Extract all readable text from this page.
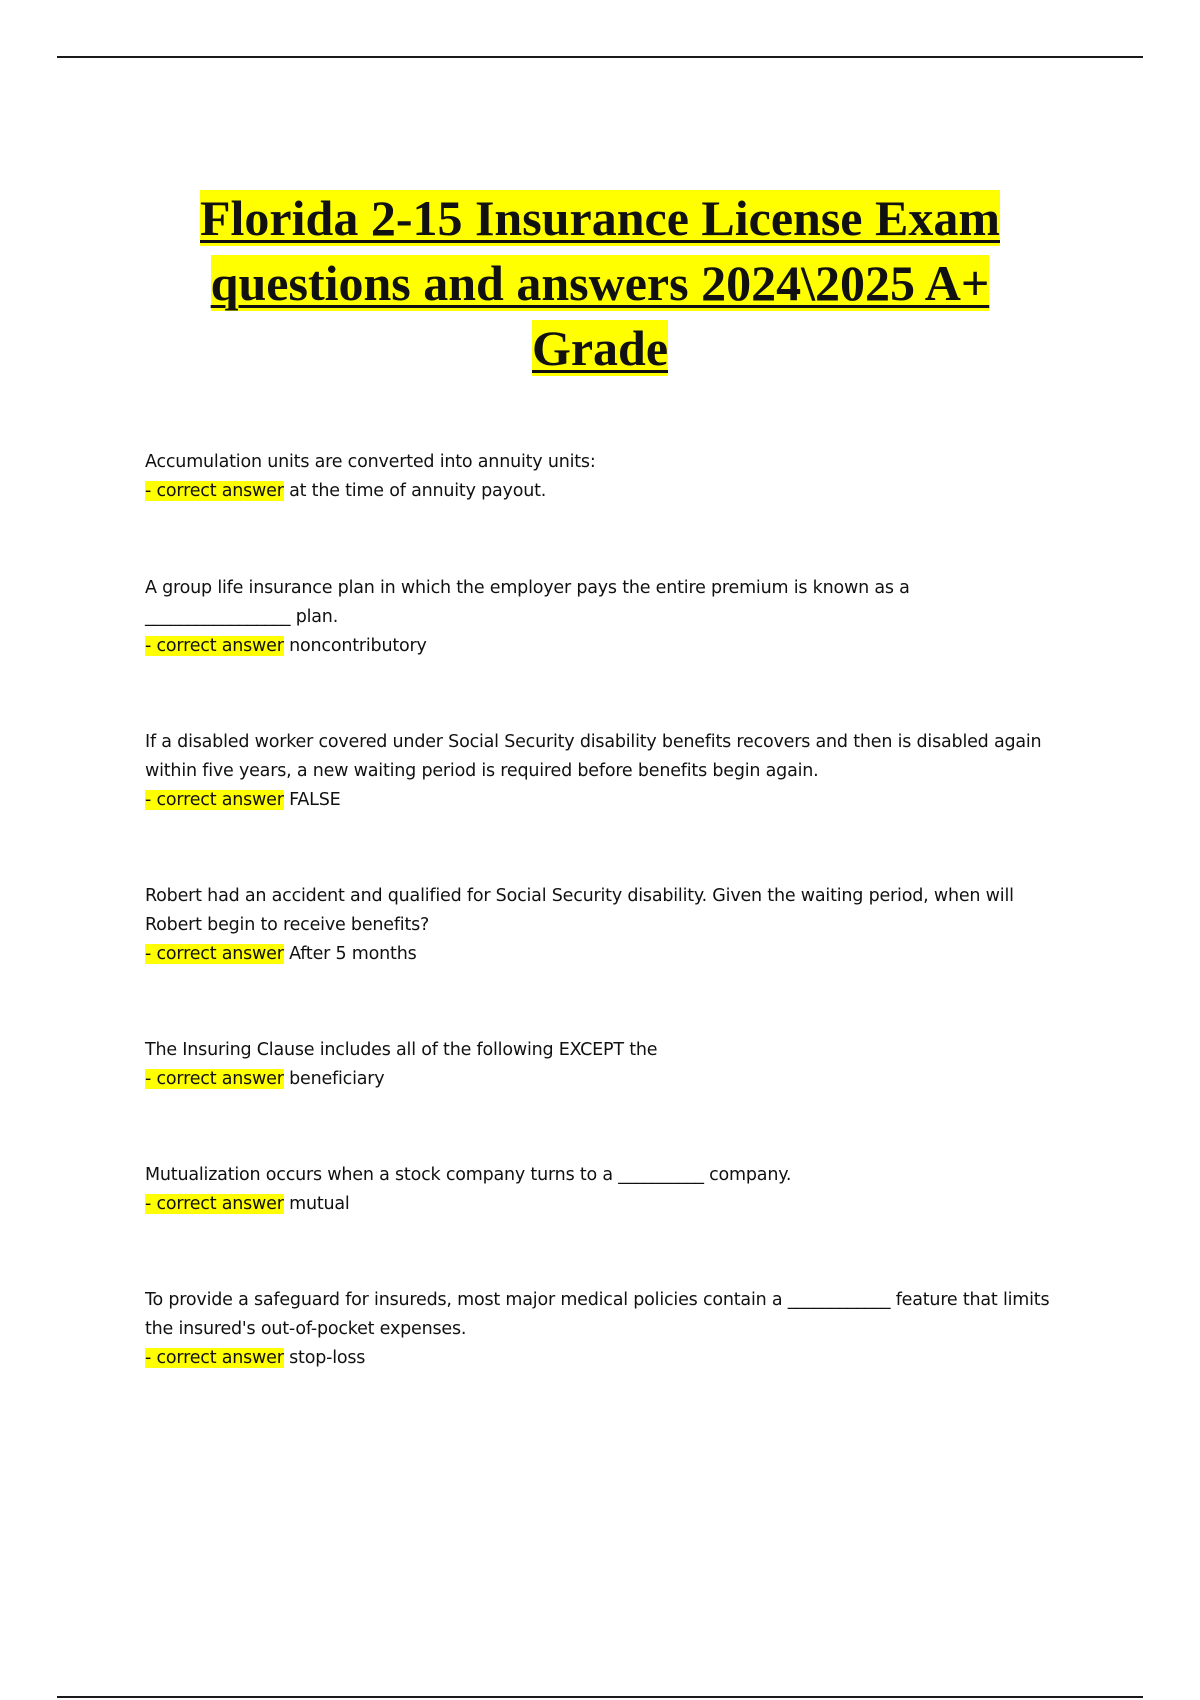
Florida 2-15 Insurance License Exam
questions and answers 2024\2025 A+
Grade

Accumulation units are converted into annuity units:

- correct answer at the time of annuity payout.

A group life insurance plan in which the employer pays the entire premium is known as a _________________ plan.

- correct answer noncontributory

If a disabled worker covered under Social Security disability benefits recovers and then is disabled again within five years, a new waiting period is required before benefits begin again.

- correct answer FALSE

Robert had an accident and qualified for Social Security disability. Given the waiting period, when will Robert begin to receive benefits?

- correct answer After 5 months

The Insuring Clause includes all of the following EXCEPT the

- correct answer beneficiary

Mutualization occurs when a stock company turns to a __________ company.

- correct answer mutual

To provide a safeguard for insureds, most major medical policies contain a ____________ feature that limits the insured's out-of-pocket expenses.

- correct answer stop-loss
